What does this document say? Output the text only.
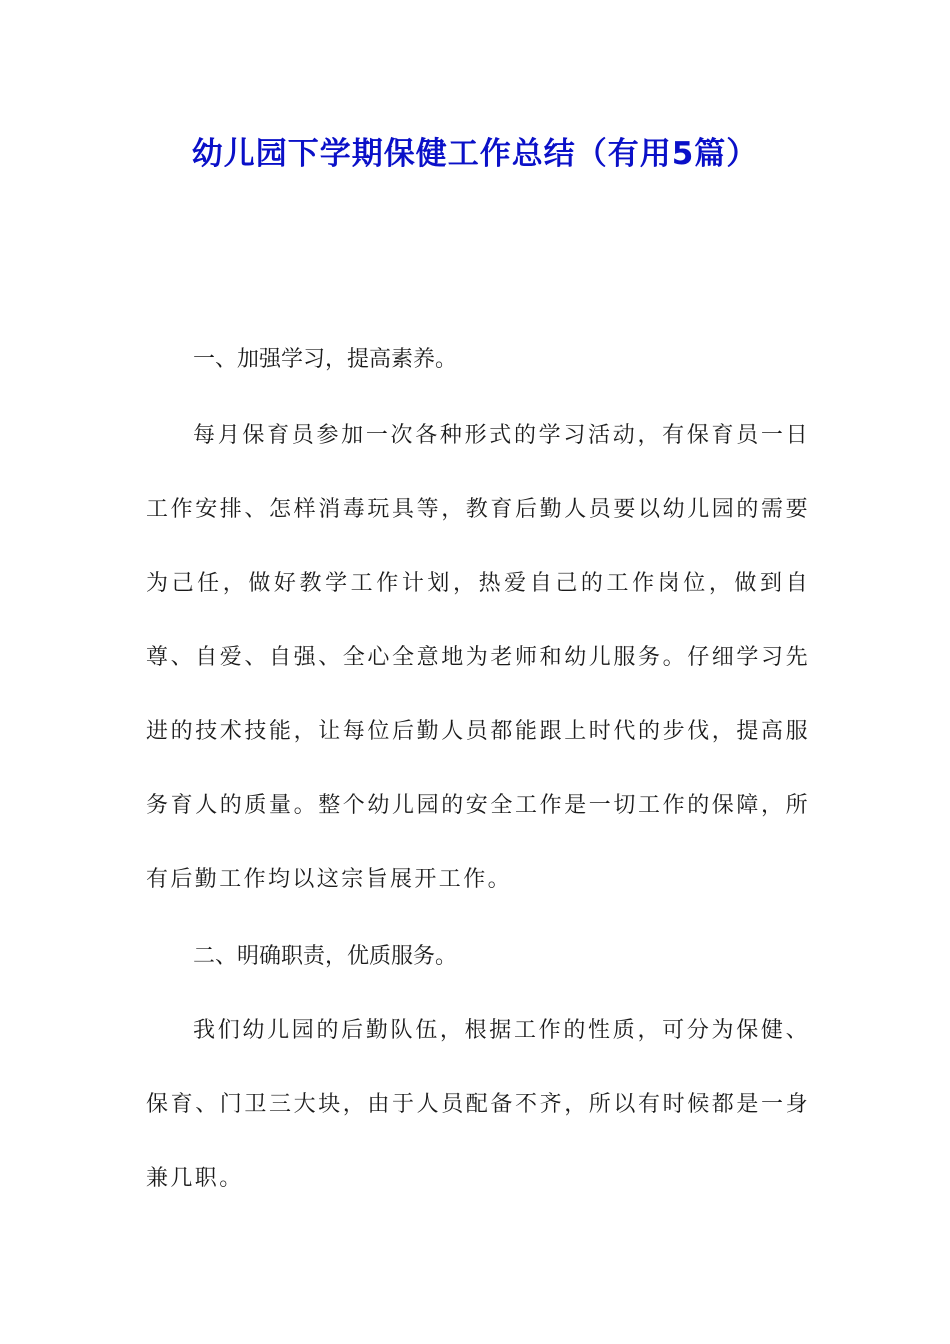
幼儿园下学期保健工作总结（有用5篇）
一、加强学习，提高素养。
每月保育员参加一次各种形式的学习活动，有保育员一日工作安排、怎样消毒玩具等，教育后勤人员要以幼儿园的需要为己任，做好教学工作计划，热爱自己的工作岗位，做到自尊、自爱、自强、全心全意地为老师和幼儿服务。仔细学习先进的技术技能，让每位后勤人员都能跟上时代的步伐，提高服务育人的质量。整个幼儿园的安全工作是一切工作的保障，所有后勤工作均以这宗旨展开工作。
二、明确职责，优质服务。
我们幼儿园的后勤队伍，根据工作的性质，可分为保健、保育、门卫三大块，由于人员配备不齐，所以有时候都是一身兼几职。
